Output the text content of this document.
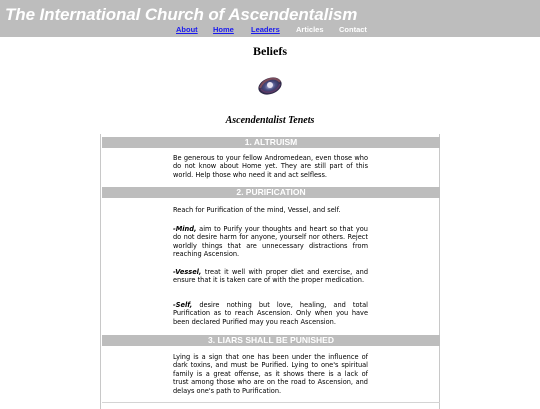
The International Church of Ascendentalism
About Home Leaders Articles Contact
Beliefs
Ascendentalist Tenets
1. ALTRUISM

Be generous to your fellow Andromedean, even those who do not know about Home yet. They are still part of this world. Help those who need it and act selfless.

2. PURIFICATION

Reach for Purification of the mind, Vessel, and self.

-Mind, aim to Purify your thoughts and heart so that you do not desire harm for anyone, yourself nor others. Reject worldly things that are unnecessary distractions from reaching Ascension.

-Vessel, treat it well with proper diet and exercise, and ensure that it is taken care of with the proper medication.

-Self, desire nothing but love, healing, and total Purification as to reach Ascension. Only when you have been declared Purified may you reach Ascension.

3. LIARS SHALL BE PUNISHED

Lying is a sign that one has been under the influence of dark toxins, and must be Purified. Lying to one's spiritual family is a great offense, as it shows there is a lack of trust among those who are on the road to Ascension, and delays one's path to Purification.
